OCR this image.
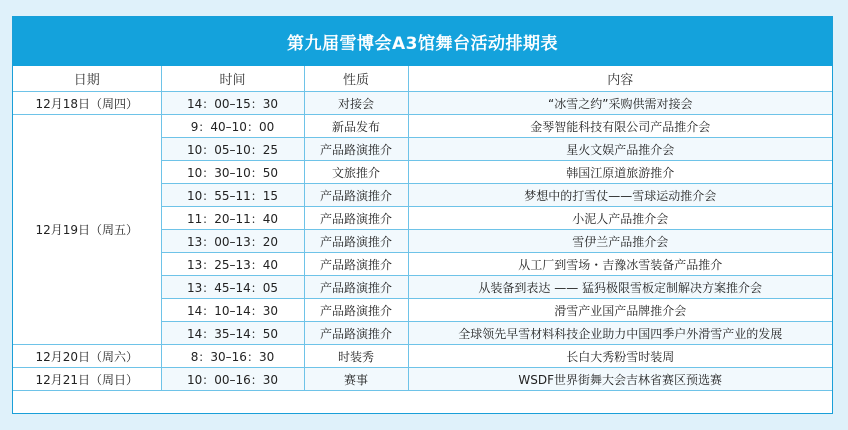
第九届雪博会A3馆舞台活动排期表
日期	时间	性质	内容
12月18日（周四）	14：00–15：30	对接会	“冰雪之约”采购供需对接会
12月19日（周五）	9：40–10：00	新品发布	金琴智能科技有限公司产品推介会
	10：05–10：25	产品路演推介	星火文娱产品推介会
	10：30–10：50	文旅推介	韩国江原道旅游推介
	10：55–11：15	产品路演推介	梦想中的打雪仗——雪球运动推介会
	11：20–11：40	产品路演推介	小泥人产品推介会
	13：00–13：20	产品路演推介	雪伊兰产品推介会
	13：25–13：40	产品路演推介	从工厂到雪场・吉豫冰雪装备产品推介
	13：45–14：05	产品路演推介	从装备到表达 —— 猛犸极限雪板定制解决方案推介会
	14：10–14：30	产品路演推介	滑雪产业国产品牌推介会
	14：35–14：50	产品路演推介	全球领先早雪材料科技企业助力中国四季户外滑雪产业的发展
12月20日（周六）	8：30–16：30	时装秀	长白大秀粉雪时装周
12月21日（周日）	10：00–16：30	赛事	WSDF世界街舞大会吉林省赛区预选赛
